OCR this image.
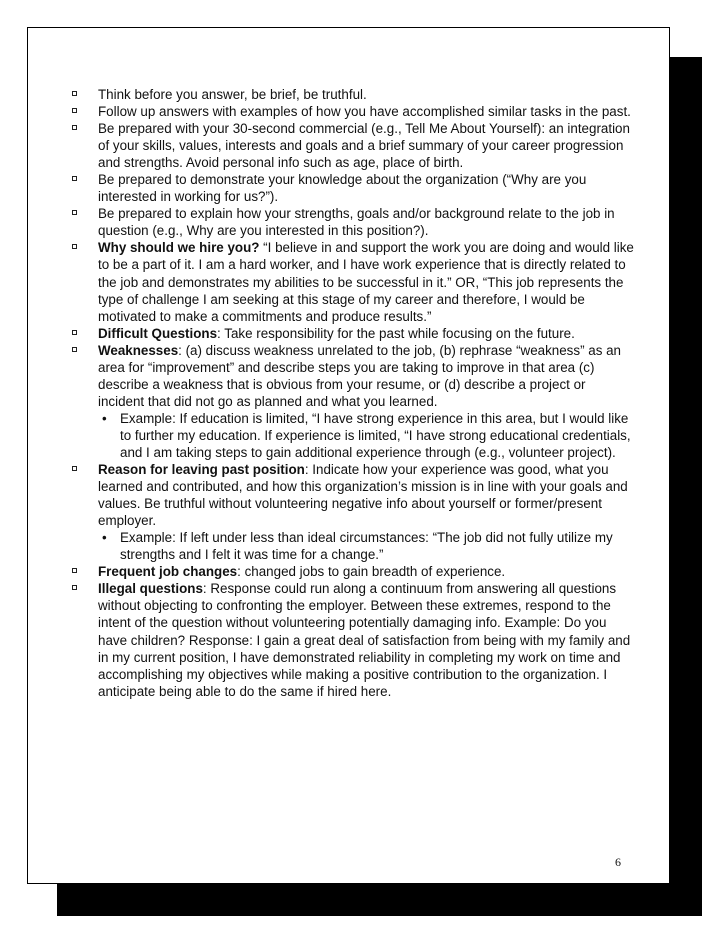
Think before you answer, be brief, be truthful.
Follow up answers with examples of how you have accomplished similar tasks in the past.
Be prepared with your 30-second commercial (e.g., Tell Me About Yourself): an integration of your skills, values, interests and goals and a brief summary of your career progression and strengths. Avoid personal info such as age, place of birth.
Be prepared to demonstrate your knowledge about the organization (“Why are you interested in working for us?”).
Be prepared to explain how your strengths, goals and/or background relate to the job in question (e.g., Why are you interested in this position?).
Why should we hire you? “I believe in and support the work you are doing and would like to be a part of it. I am a hard worker, and I have work experience that is directly related to the job and demonstrates my abilities to be successful in it.” OR, “This job represents the type of challenge I am seeking at this stage of my career and therefore, I would be motivated to make a commitments and produce results.”
Difficult Questions: Take responsibility for the past while focusing on the future.
Weaknesses: (a) discuss weakness unrelated to the job, (b) rephrase “weakness” as an area for “improvement” and describe steps you are taking to improve in that area (c) describe a weakness that is obvious from your resume, or (d) describe a project or incident that did not go as planned and what you learned.
• Example: If education is limited, “I have strong experience in this area, but I would like to further my education. If experience is limited, “I have strong educational credentials, and I am taking steps to gain additional experience through (e.g., volunteer project).
Reason for leaving past position: Indicate how your experience was good, what you learned and contributed, and how this organization’s mission is in line with your goals and values. Be truthful without volunteering negative info about yourself or former/present employer.
• Example: If left under less than ideal circumstances: “The job did not fully utilize my strengths and I felt it was time for a change.”
Frequent job changes: changed jobs to gain breadth of experience.
Illegal questions: Response could run along a continuum from answering all questions without objecting to confronting the employer. Between these extremes, respond to the intent of the question without volunteering potentially damaging info. Example: Do you have children? Response: I gain a great deal of satisfaction from being with my family and in my current position, I have demonstrated reliability in completing my work on time and accomplishing my objectives while making a positive contribution to the organization. I anticipate being able to do the same if hired here.
6
